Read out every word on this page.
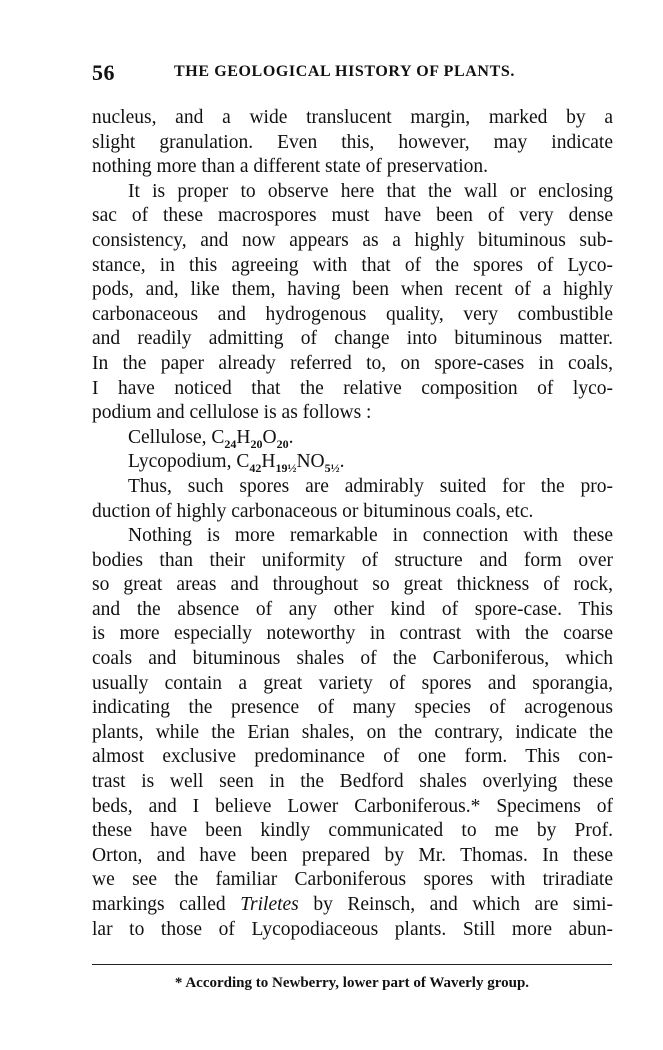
56	THE GEOLOGICAL HISTORY OF PLANTS.
nucleus, and a wide translucent margin, marked by a
slight granulation. Even this, however, may indicate
nothing more than a different state of preservation.
It is proper to observe here that the wall or enclosing
sac of these macrospores must have been of very dense
consistency, and now appears as a highly bituminous sub-
stance, in this agreeing with that of the spores of Lyco-
pods, and, like them, having been when recent of a highly
carbonaceous and hydrogenous quality, very combustible
and readily admitting of change into bituminous matter.
In the paper already referred to, on spore-cases in coals,
I have noticed that the relative composition of lyco-
podium and cellulose is as follows :
Cellulose, $C_{24}H_{20}O_{20}$.
Lycopodium, $C_{42}H_{19\frac{1}{2}}NO_{5\frac{1}{2}}$.
Thus, such spores are admirably suited for the pro-
duction of highly carbonaceous or bituminous coals, etc.
Nothing is more remarkable in connection with these
bodies than their uniformity of structure and form over
so great areas and throughout so great thickness of rock,
and the absence of any other kind of spore-case. This
is more especially noteworthy in contrast with the coarse
coals and bituminous shales of the Carboniferous, which
usually contain a great variety of spores and sporangia,
indicating the presence of many species of acrogenous
plants, while the Erian shales, on the contrary, indicate the
almost exclusive predominance of one form. This con-
trast is well seen in the Bedford shales overlying these
beds, and I believe Lower Carboniferous.* Specimens of
these have been kindly communicated to me by Prof.
Orton, and have been prepared by Mr. Thomas. In these
we see the familiar Carboniferous spores with triradiate
markings called Triletes by Reinsch, and which are simi-
lar to those of Lycopodiaceous plants. Still more abun-
* According to Newberry, lower part of Waverly group.
